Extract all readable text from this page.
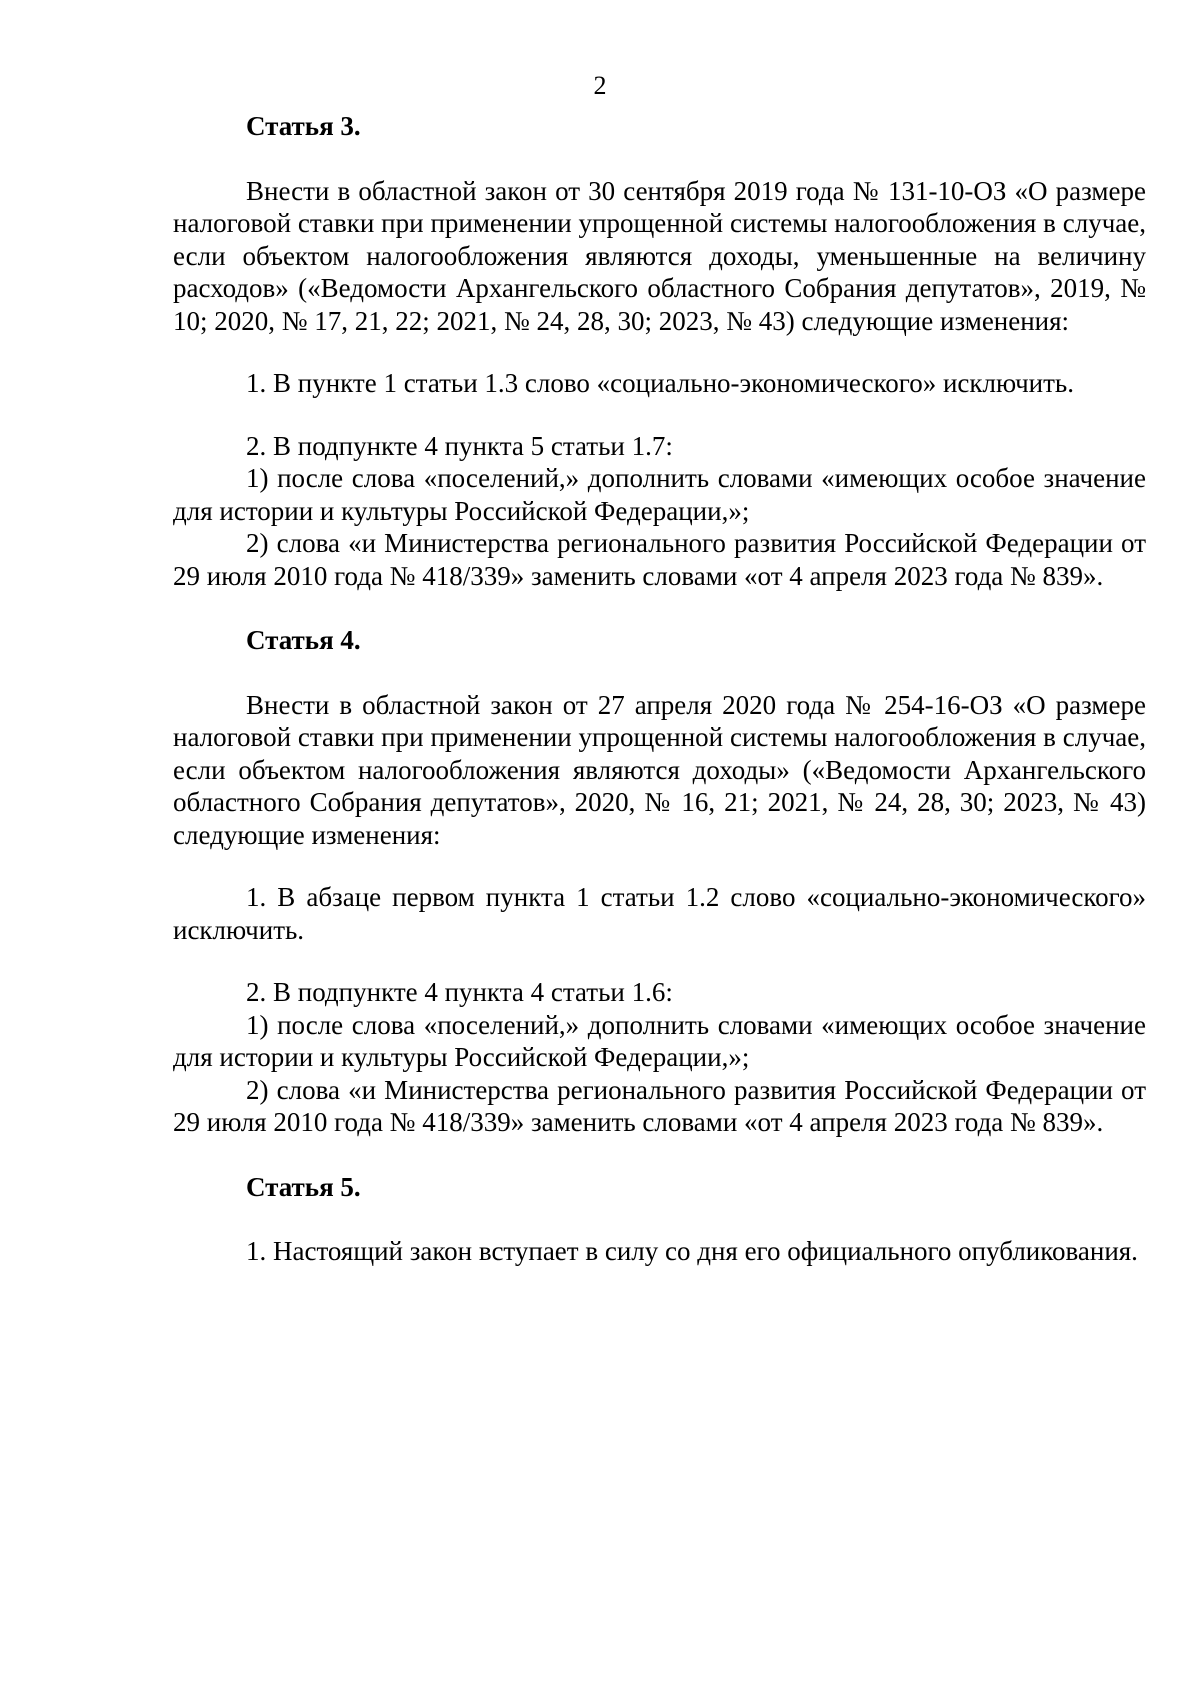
2

Статья 3.

Внести в областной закон от 30 сентября 2019 года № 131-10-ОЗ «О размере налоговой ставки при применении упрощенной системы налогообложения в случае, если объектом налогообложения являются доходы, уменьшенные на величину расходов» («Ведомости Архангельского областного Собрания депутатов», 2019, № 10; 2020, № 17, 21, 22; 2021, № 24, 28, 30; 2023, № 43) следующие изменения:

1. В пункте 1 статьи 1.3 слово «социально-экономического» исключить.

2. В подпункте 4 пункта 5 статьи 1.7:

1) после слова «поселений,» дополнить словами «имеющих особое значение для истории и культуры Российской Федерации,»;

2) слова «и Министерства регионального развития Российской Федерации от 29 июля 2010 года № 418/339» заменить словами «от 4 апреля 2023 года № 839».

Статья 4.

Внести в областной закон от 27 апреля 2020 года № 254-16-ОЗ «О размере налоговой ставки при применении упрощенной системы налогообложения в случае, если объектом налогообложения являются доходы» («Ведомости Архангельского областного Собрания депутатов», 2020, № 16, 21; 2021, № 24, 28, 30; 2023, № 43) следующие изменения:

1. В абзаце первом пункта 1 статьи 1.2 слово «социально-экономического» исключить.

2. В подпункте 4 пункта 4 статьи 1.6:

1) после слова «поселений,» дополнить словами «имеющих особое значение для истории и культуры Российской Федерации,»;

2) слова «и Министерства регионального развития Российской Федерации от 29 июля 2010 года № 418/339» заменить словами «от 4 апреля 2023 года № 839».

Статья 5.

1. Настоящий закон вступает в силу со дня его официального опубликования.
